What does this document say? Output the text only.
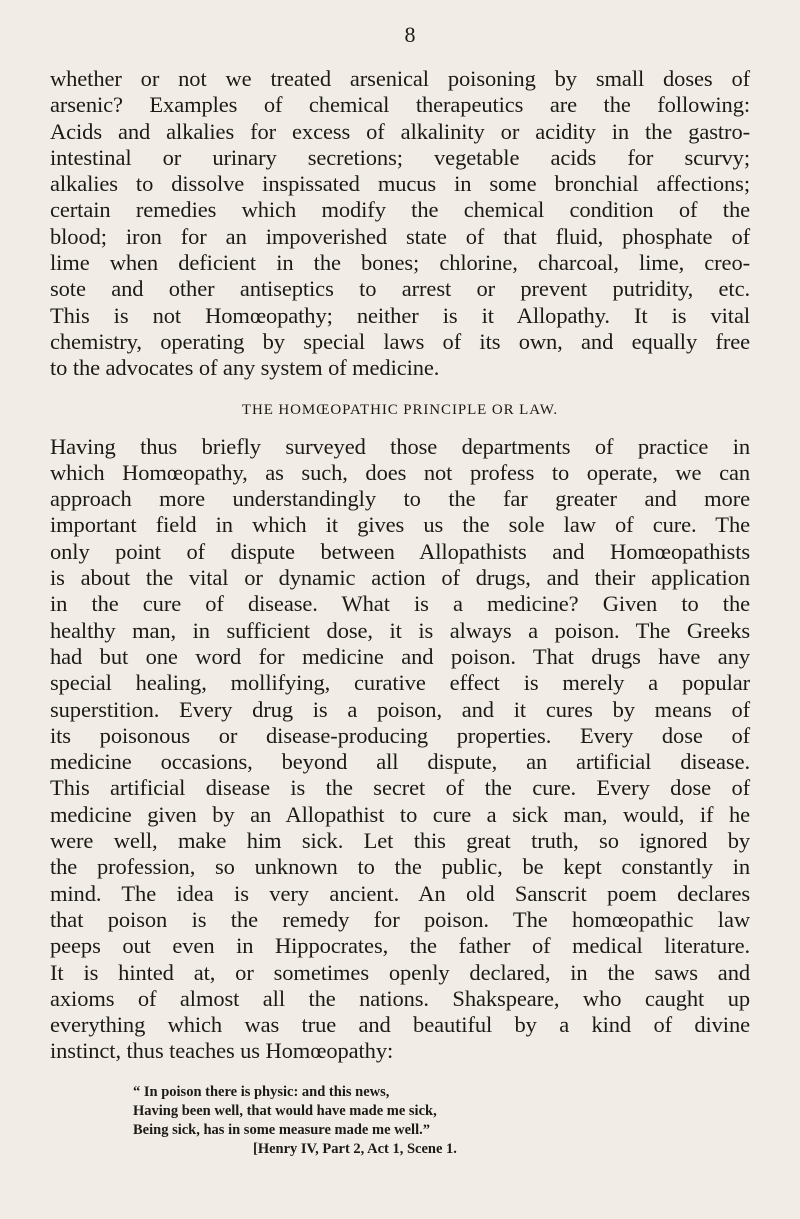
8

whether or not we treated arsenical poisoning by small doses of

arsenic? Examples of chemical therapeutics are the following:

Acids and alkalies for excess of alkalinity or acidity in the gastro-

intestinal or urinary secretions; vegetable acids for scurvy;

alkalies to dissolve inspissated mucus in some bronchial affections;

certain remedies which modify the chemical condition of the

blood; iron for an impoverished state of that fluid, phosphate of

lime when deficient in the bones; chlorine, charcoal, lime, creo-

sote and other antiseptics to arrest or prevent putridity, etc.

This is not Homœopathy; neither is it Allopathy. It is vital

chemistry, operating by special laws of its own, and equally free

to the advocates of any system of medicine.

THE HOMŒOPATHIC PRINCIPLE OR LAW.

Having thus briefly surveyed those departments of practice in

which Homœopathy, as such, does not profess to operate, we can

approach more understandingly to the far greater and more

important field in which it gives us the sole law of cure. The

only point of dispute between Allopathists and Homœopathists

is about the vital or dynamic action of drugs, and their application

in the cure of disease. What is a medicine? Given to the

healthy man, in sufficient dose, it is always a poison. The Greeks

had but one word for medicine and poison. That drugs have any

special healing, mollifying, curative effect is merely a popular

superstition. Every drug is a poison, and it cures by means of

its poisonous or disease-producing properties. Every dose of

medicine occasions, beyond all dispute, an artificial disease.

This artificial disease is the secret of the cure. Every dose of

medicine given by an Allopathist to cure a sick man, would, if he

were well, make him sick. Let this great truth, so ignored by

the profession, so unknown to the public, be kept constantly in

mind. The idea is very ancient. An old Sanscrit poem declares

that poison is the remedy for poison. The homœopathic law

peeps out even in Hippocrates, the father of medical literature.

It is hinted at, or sometimes openly declared, in the saws and

axioms of almost all the nations. Shakspeare, who caught up

everything which was true and beautiful by a kind of divine

instinct, thus teaches us Homœopathy:

“ In poison there is physic: and this news,
Having been well, that would have made me sick,
Being sick, has in some measure made me well.”
[Henry IV, Part 2, Act 1, Scene 1.
